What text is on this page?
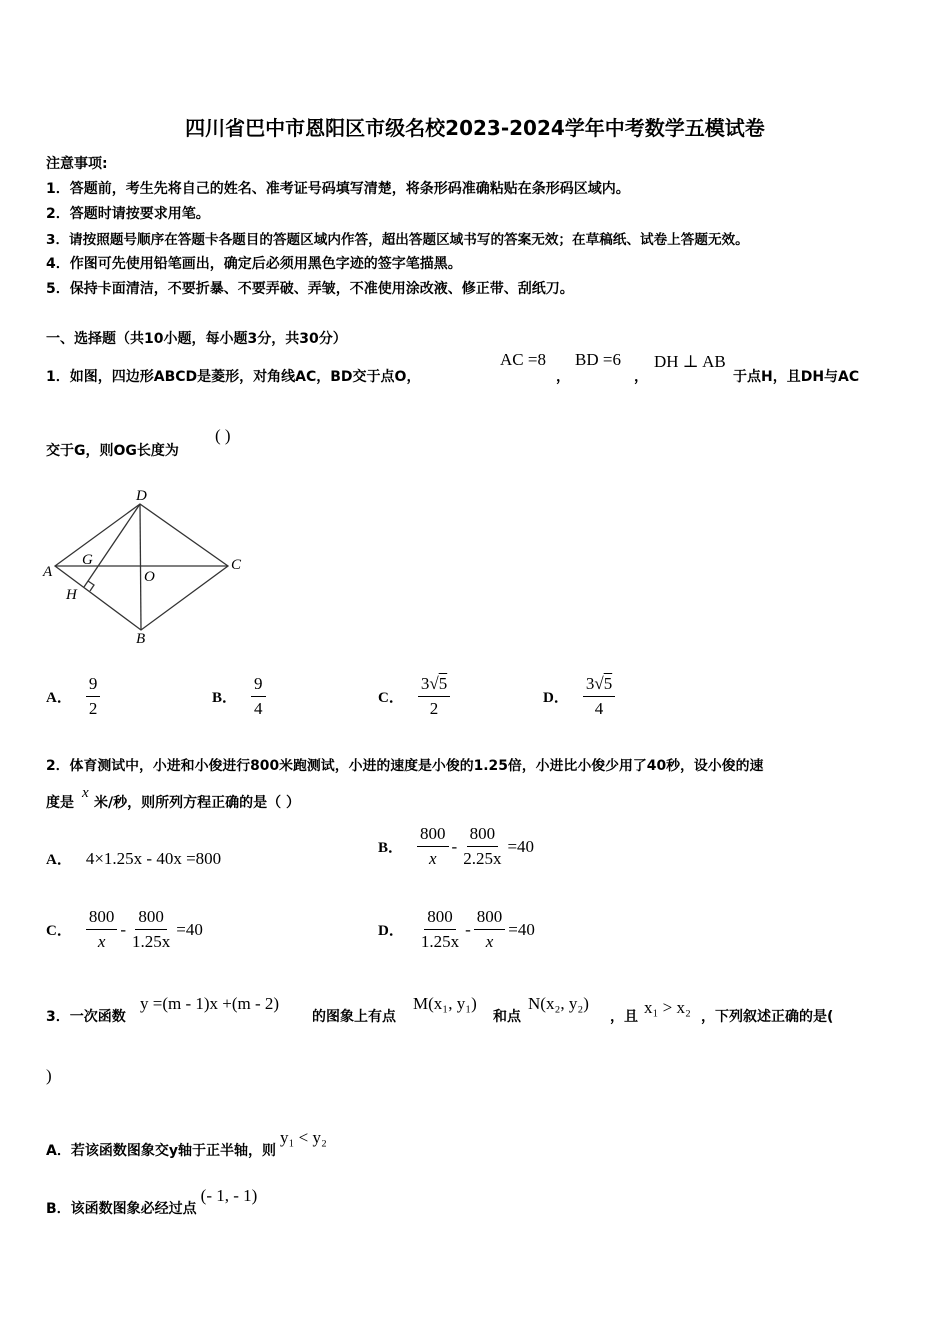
四川省巴中市恩阳区市级名校2023-2024学年中考数学五模试卷
注意事项:
1．答题前，考生先将自己的姓名、准考证号码填写清楚，将条形码准确粘贴在条形码区域内。
2．答题时请按要求用笔。
3．请按照题号顺序在答题卡各题目的答题区域内作答，超出答题区域书写的答案无效；在草稿纸、试卷上答题无效。
4．作图可先使用铅笔画出，确定后必须用黑色字迹的签字笔描黑。
5．保持卡面清洁，不要折暴、不要弄破、弄皱，不准使用涂改液、修正带、刮纸刀。
一、选择题（共10小题，每小题3分，共30分）
1．如图，四边形ABCD是菱形，对角线AC，BD交于点O，
AC =8
，
BD =6
，
DH ⊥ AB
于点H，且DH与AC
交于G，则OG长度为
( )
D
G
A	O
C
H
B
A． $\frac{9}{2}$	B． $\frac{9}{4}$	C． $\frac{3√5}{2}$	D． $\frac{3√5}{4}$
2．体育测试中，小进和小俊进行800米跑测试，小进的速度是小俊的1.25倍，小进比小俊少用了40秒，设小俊的速
度是
x
米/秒，则所列方程正确的是（ ）
A． 4×1.25x - 40x =800
B． $\frac{800}{x} - \frac{800}{2.25x} =40$
C． $\frac{800}{x} - \frac{800}{1.25x} =40$	D． $\frac{800}{1.25x} - \frac{800}{x} =40$
3．一次函数
y =(m - 1)x +(m - 2)
的图象上有点
M(x₁, y₁)
和点
N(x₂, y₂)
，且 x₁ > x₂ ，下列叙述正确的是(
)
A． 若该函数图象交y轴于正半轴，则
y₁ < y₂
B． 该函数图象必经过点
(- 1, - 1)
